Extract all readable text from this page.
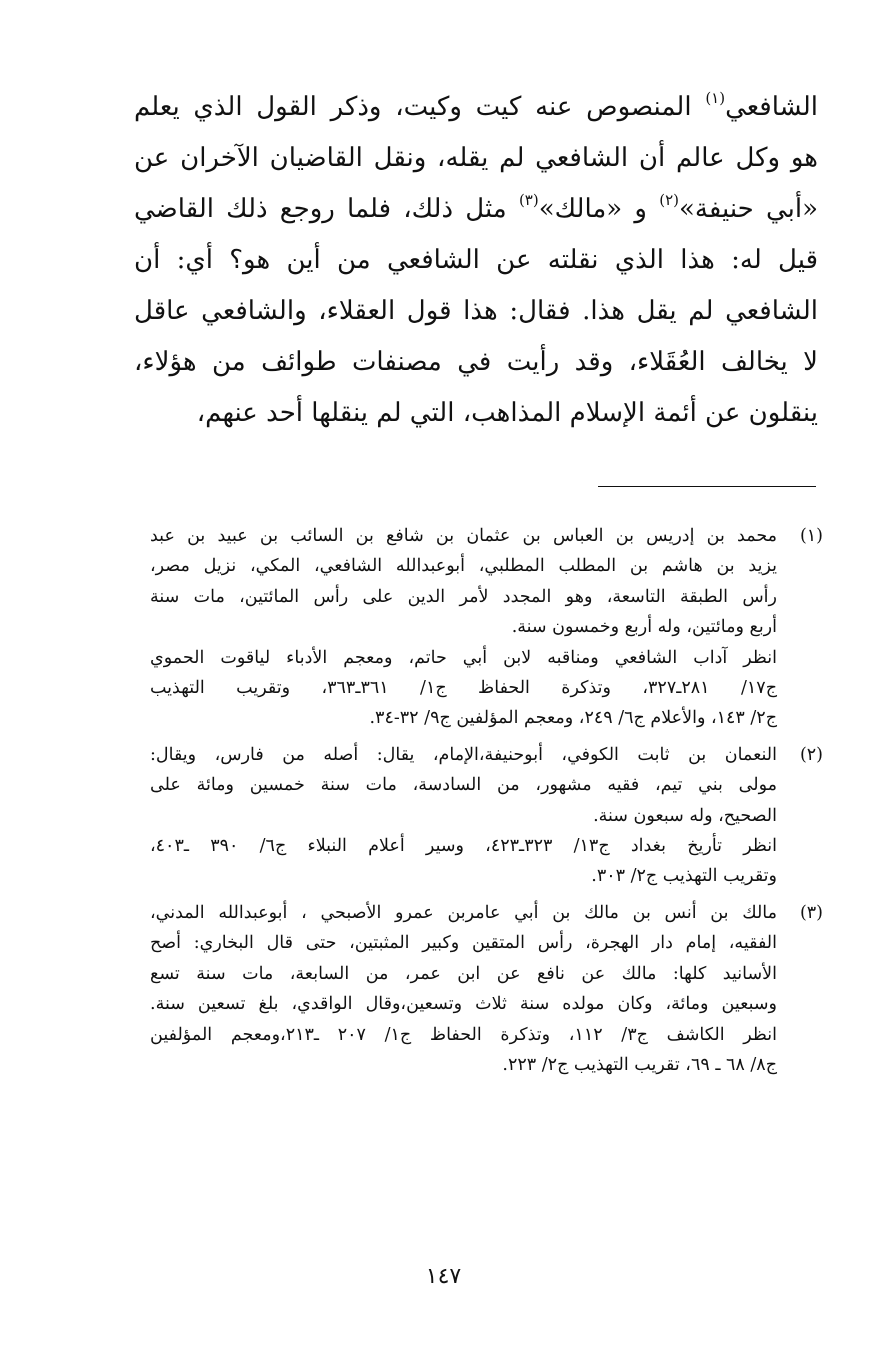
الشافعي$^{(١)}$ المنصوص عنه كيت وكيت، وذكر القول الذي يعلم
هو وكل عالم أن الشافعي لم يقله، ونقل القاضيان الآخران عن
«أبي حنيفة»$^{(٢)}$ و «مالك»$^{(٣)}$ مثل ذلك، فلما روجع ذلك القاضي
قيل له: هذا الذي نقلته عن الشافعي من أين هو؟ أي: أن
الشافعي لم يقل هذا. فقال: هذا قول العقلاء، والشافعي عاقل
لا يخالف العُقَلاء، وقد رأيت في مصنفات طوائف من هؤلاء،
ينقلون عن أئمة الإسلام المذاهب، التي لم ينقلها أحد عنهم،
(١)
محمد بن إدريس بن العباس بن عثمان بن شافع بن السائب بن عبيد بن عبد
يزيد بن هاشم بن المطلب المطلبي، أبوعبدالله الشافعي، المكي، نزيل مصر،
رأس الطبقة التاسعة، وهو المجدد لأمر الدين على رأس المائتين، مات سنة
أربع ومائتين، وله أربع وخمسون سنة.
انظر آداب الشافعي ومناقبه لابن أبي حاتم، ومعجم الأدباء لياقوت الحموي
ج١٧/ ٢٨١ـ٣٢٧، وتذكرة الحفاظ ج١/ ٣٦١ـ٣٦٣، وتقريب التهذيب
ج٢/ ١٤٣، والأعلام ج٦/ ٢٤٩، ومعجم المؤلفين ج٩/ ٣٢-٣٤.
(٢)
النعمان بن ثابت الكوفي، أبوحنيفة،الإمام، يقال: أصله من فارس، ويقال:
مولى بني تيم، فقيه مشهور، من السادسة، مات سنة خمسين ومائة على
الصحيح، وله سبعون سنة.
انظر تأريخ بغداد ج١٣/ ٣٢٣ـ٤٢٣، وسير أعلام النبلاء ج٦/ ٣٩٠ ـ٤٠٣،
وتقريب التهذيب ج٢/ ٣٠٣.
(٣)
مالك بن أنس بن مالك بن أبي عامربن عمرو الأصبحي ، أبوعبدالله المدني،
الفقيه، إمام دار الهجرة، رأس المتقين وكبير المثبتين، حتى قال البخاري: أصح
الأسانيد كلها: مالك عن نافع عن ابن عمر، من السابعة، مات سنة تسع
وسبعين ومائة، وكان مولده سنة ثلاث وتسعين،وقال الواقدي، بلغ تسعين سنة.
انظر الكاشف ج٣/ ١١٢، وتذكرة الحفاظ ج١/ ٢٠٧ ـ٢١٣،ومعجم المؤلفين
ج٨/ ٦٨ ـ ٦٩، تقريب التهذيب ج٢/ ٢٢٣.
١٤٧
